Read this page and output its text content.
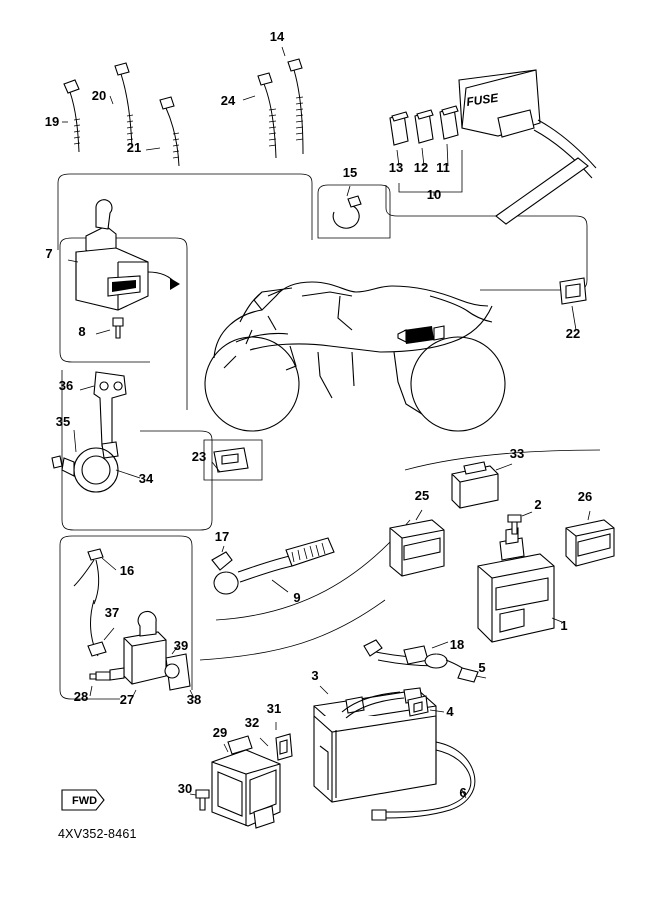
FUSE
FWD
4XV352-8461
19
20
21
24
14
13 12 11
10
15
7
8	22
36
35
34
23	33
25
2
26
1
16
17
9
37
39
28 27	38
18
5
3
4
6
29
31
32
30
